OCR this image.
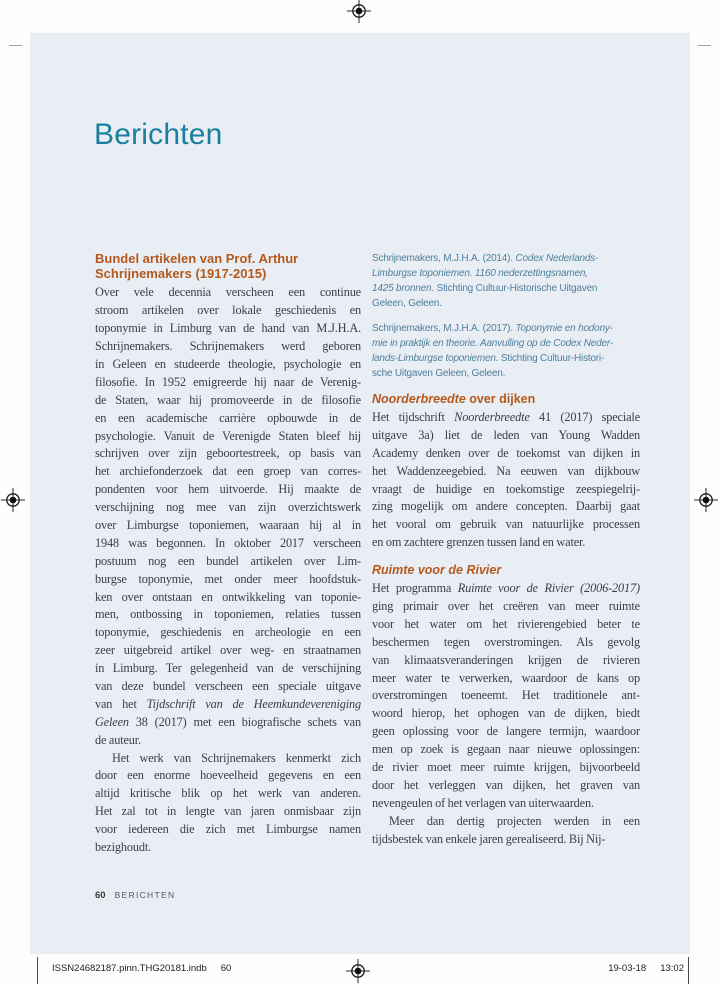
Berichten
Bundel artikelen van Prof. Arthur
Schrijnemakers (1917-2015)
Over vele decennia verscheen een continue
stroom artikelen over lokale geschiedenis en
toponymie in Limburg van de hand van M.J.H.A.
Schrijnemakers. Schrijnemakers werd geboren
in Geleen en studeerde theologie, psychologie en
filosofie. In 1952 emigreerde hij naar de Verenig-
de Staten, waar hij promoveerde in de filosofie
en een academische carrière opbouwde in de
psychologie. Vanuit de Verenigde Staten bleef hij
schrijven over zijn geboortestreek, op basis van
het archiefonderzoek dat een groep van corres-
pondenten voor hem uitvoerde. Hij maakte de
verschijning nog mee van zijn overzichtswerk
over Limburgse toponiemen, waaraan hij al in
1948 was begonnen. In oktober 2017 verscheen
postuum nog een bundel artikelen over Lim-
burgse toponymie, met onder meer hoofdstuk-
ken over ontstaan en ontwikkeling van toponie-
men, ontbossing in toponiemen, relaties tussen
toponymie, geschiedenis en archeologie en een
zeer uitgebreid artikel over weg- en straatnamen
in Limburg. Ter gelegenheid van de verschijning
van deze bundel verscheen een speciale uitgave
van het Tijdschrift van de Heemkundevereniging
Geleen 38 (2017) met een biografische schets van
de auteur.
Het werk van Schrijnemakers kenmerkt zich
door een enorme hoeveelheid gegevens en een
altijd kritische blik op het werk van anderen.
Het zal tot in lengte van jaren onmisbaar zijn
voor iedereen die zich met Limburgse namen
bezighoudt.
Schrijnemakers, M.J.H.A. (2014). Codex Nederlands-
Limburgse toponiemen. 1160 nederzettingsnamen,
1425 bronnen. Stichting Cultuur-Historische Uitgaven
Geleen, Geleen.
Schrijnemakers, M.J.H.A. (2017). Toponymie en hodony-
mie in praktijk en theorie. Aanvulling op de Codex Neder-
lands-Limburgse toponiemen. Stichting Cultuur-Histori-
sche Uitgaven Geleen, Geleen.
Noorderbreedte over dijken
Het tijdschrift Noorderbreedte 41 (2017) speciale
uitgave 3a) liet de leden van Young Wadden
Academy denken over de toekomst van dijken in
het Waddenzeegebied. Na eeuwen van dijkbouw
vraagt de huidige en toekomstige zeespiegelrij-
zing mogelijk om andere concepten. Daarbij gaat
het vooral om gebruik van natuurlijke processen
en om zachtere grenzen tussen land en water.
Ruimte voor de Rivier
Het programma Ruimte voor de Rivier (2006-2017)
ging primair over het creëren van meer ruimte
voor het water om het rivierengebied beter te
beschermen tegen overstromingen. Als gevolg
van klimaatsveranderingen krijgen de rivieren
meer water te verwerken, waardoor de kans op
overstromingen toeneemt. Het traditionele ant-
woord hierop, het ophogen van de dijken, biedt
geen oplossing voor de langere termijn, waardoor
men op zoek is gegaan naar nieuwe oplossingen:
de rivier moet meer ruimte krijgen, bijvoorbeeld
door het verleggen van dijken, het graven van
nevengeulen of het verlagen van uiterwaarden.
Meer dan dertig projecten werden in een
tijdsbestek van enkele jaren gerealiseerd. Bij Nij-
60 BERICHTEN
ISSN24682187.pinn.THG20181.indb 60	19-03-18 13:02
